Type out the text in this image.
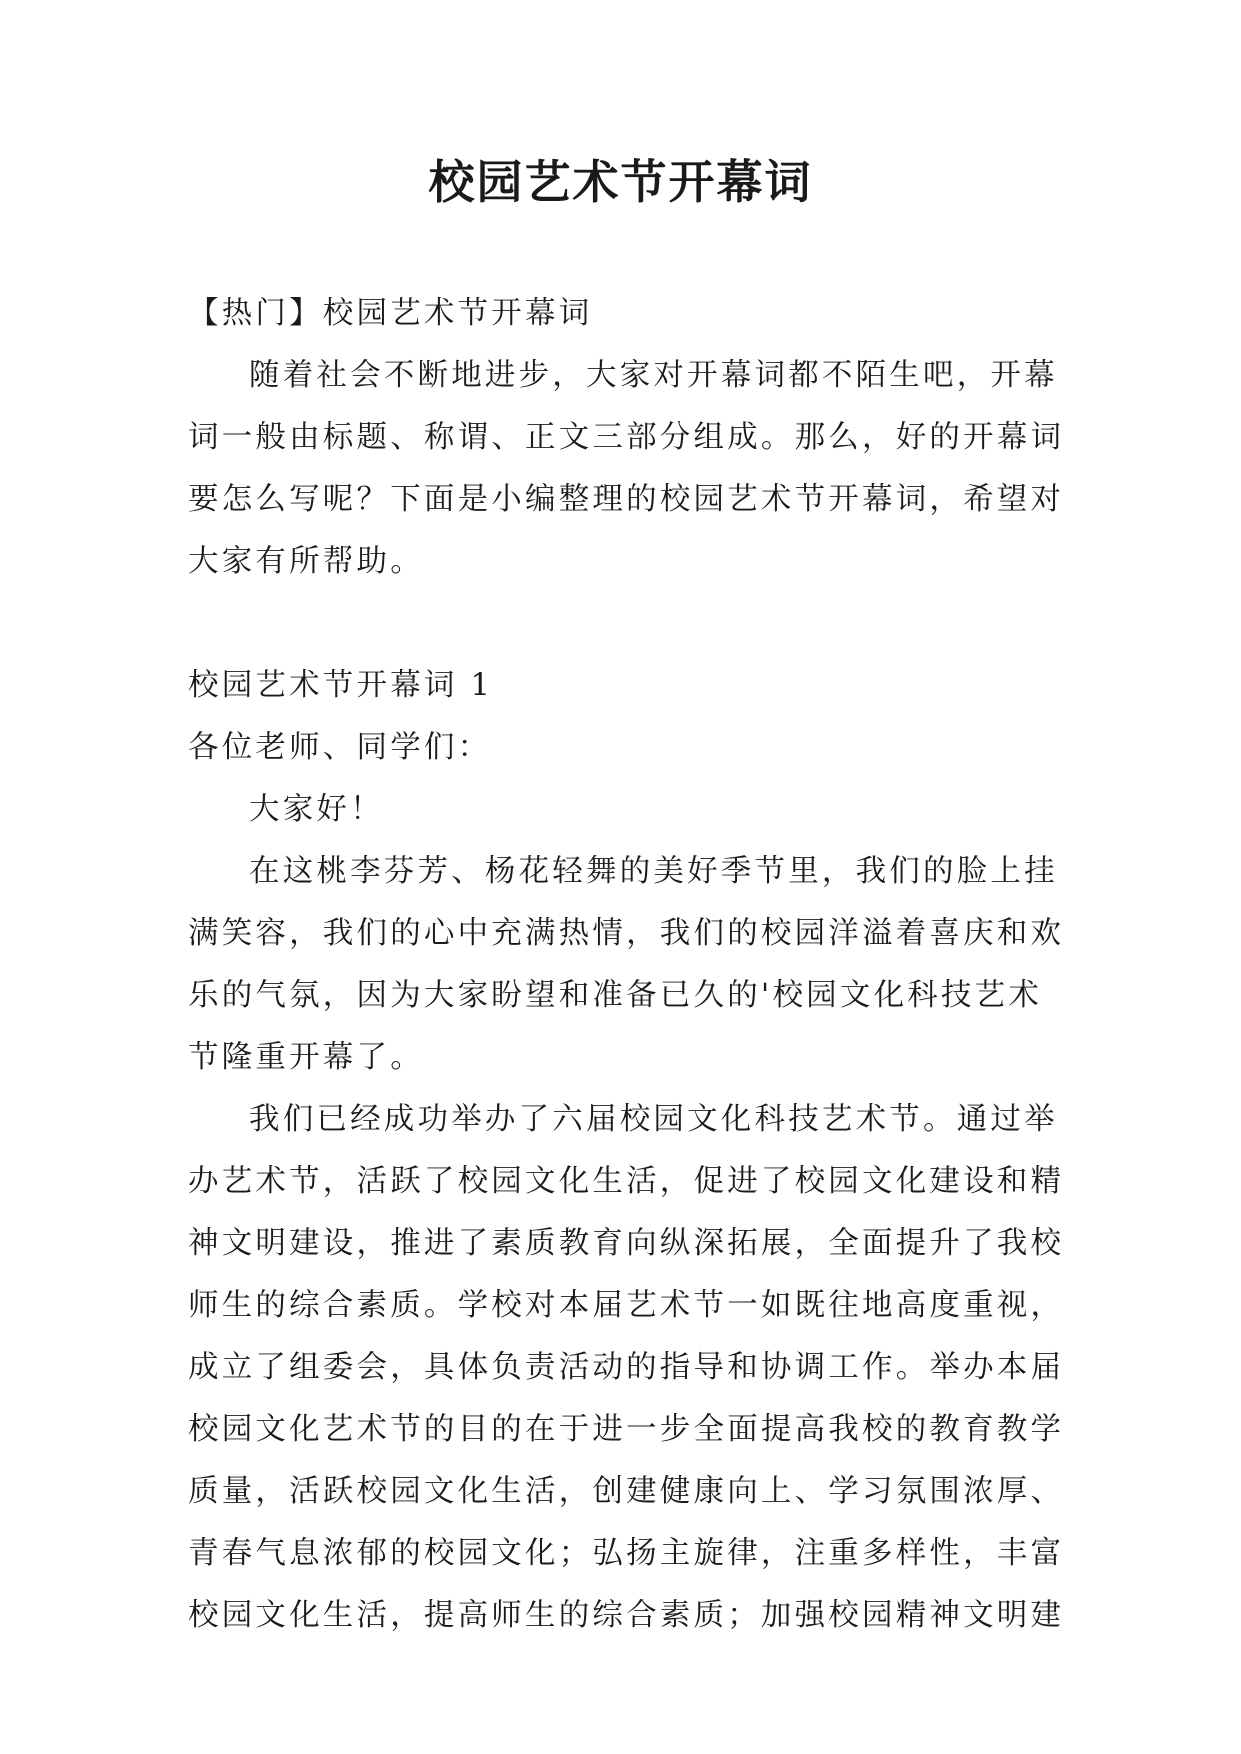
校园艺术节开幕词

【热门】校园艺术节开幕词

随着社会不断地进步，大家对开幕词都不陌生吧，开幕词一般由标题、称谓、正文三部分组成。那么，好的开幕词要怎么写呢？下面是小编整理的校园艺术节开幕词，希望对大家有所帮助。

校园艺术节开幕词 1

各位老师、同学们：

大家好！

在这桃李芬芳、杨花轻舞的美好季节里，我们的脸上挂满笑容，我们的心中充满热情，我们的校园洋溢着喜庆和欢乐的气氛，因为大家盼望和准备已久的'校园文化科技艺术节隆重开幕了。

我们已经成功举办了六届校园文化科技艺术节。通过举办艺术节，活跃了校园文化生活，促进了校园文化建设和精神文明建设，推进了素质教育向纵深拓展，全面提升了我校师生的综合素质。学校对本届艺术节一如既往地高度重视，成立了组委会，具体负责活动的指导和协调工作。举办本届校园文化艺术节的目的在于进一步全面提高我校的教育教学质量，活跃校园文化生活，创建健康向上、学习氛围浓厚、青春气息浓郁的校园文化；弘扬主旋律，注重多样性，丰富校园文化生活，提高师生的综合素质；加强校园精神文明建
